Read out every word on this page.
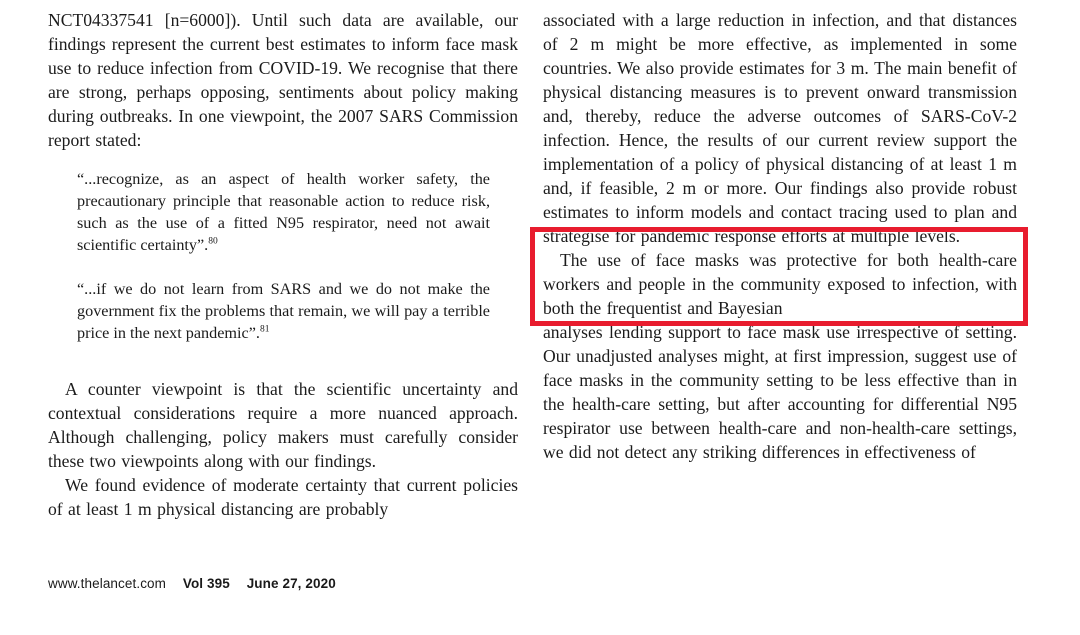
NCT04337541 [n=6000]). Until such data are available, our findings represent the current best estimates to inform face mask use to reduce infection from COVID-19. We recognise that there are strong, perhaps opposing, sentiments about policy making during outbreaks. In one viewpoint, the 2007 SARS Commission report stated:

“...recognize, as an aspect of health worker safety, the precautionary principle that reasonable action to reduce risk, such as the use of a fitted N95 respirator, need not await scientific certainty”.$^{80}$

“...if we do not learn from SARS and we do not make the government fix the problems that remain, we will pay a terrible price in the next pandemic”.$^{81}$

A counter viewpoint is that the scientific uncertainty and contextual considerations require a more nuanced approach. Although challenging, policy makers must carefully consider these two viewpoints along with our findings.

We found evidence of moderate certainty that current policies of at least 1 m physical distancing are probably

associated with a large reduction in infection, and that distances of 2 m might be more effective, as implemented in some countries. We also provide estimates for 3 m. The main benefit of physical distancing measures is to prevent onward transmission and, thereby, reduce the adverse outcomes of SARS-CoV-2 infection. Hence, the results of our current review support the implementation of a policy of physical distancing of at least 1 m and, if feasible, 2 m or more. Our findings also provide robust estimates to inform models and contact tracing used to plan and strategise for pandemic response efforts at multiple levels.

The use of face masks was protective for both health-care workers and people in the community exposed to infection, with both the frequentist and Bayesian

analyses lending support to face mask use irrespective of setting. Our unadjusted analyses might, at first impression, suggest use of face masks in the community setting to be less effective than in the health-care setting, but after accounting for differential N95 respirator use between health-care and non-health-care settings, we did not detect any striking differences in effectiveness of

www.thelancet.com Vol 395 June 27, 2020
